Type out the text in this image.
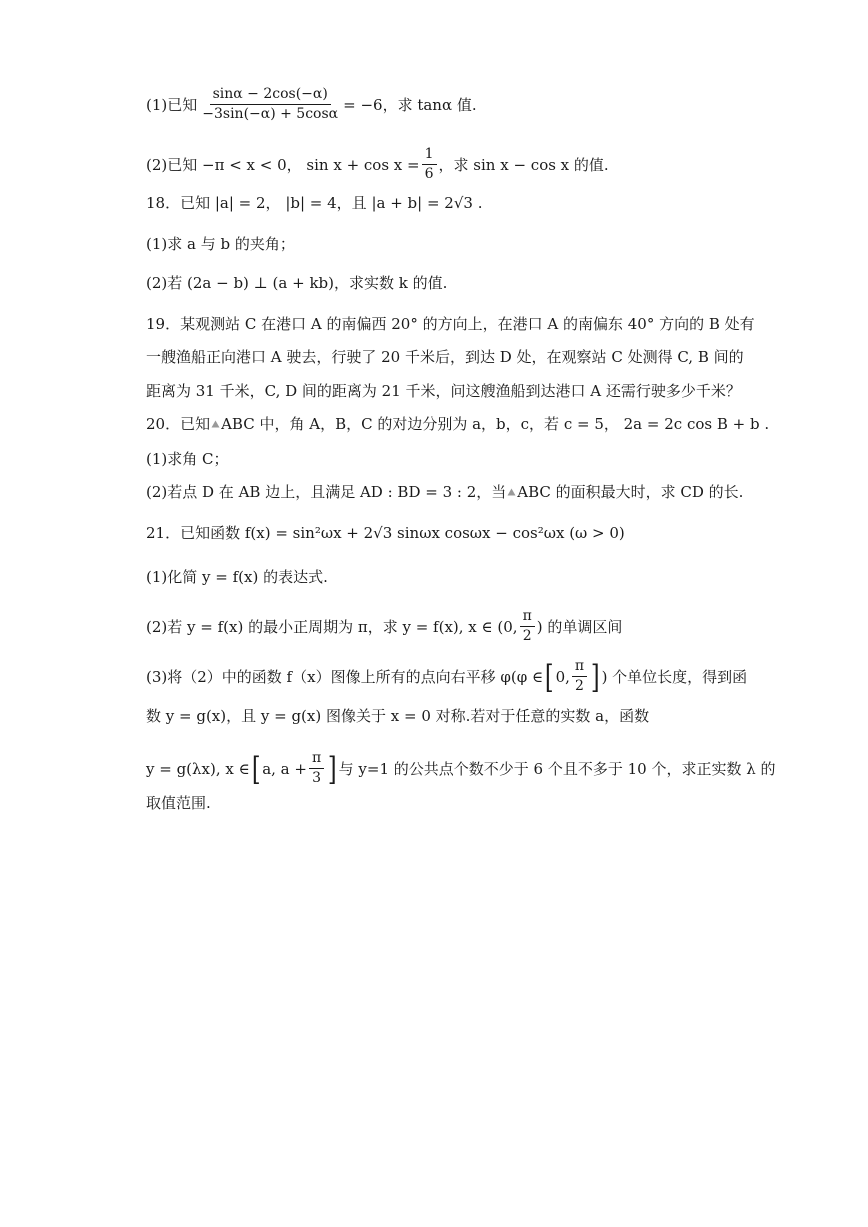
(1)已知 $\frac{\sin\alpha - 2\cos(-\alpha)}{-3\sin(-\alpha) + 5\cos\alpha} = -6$，求 tanα 值.
(2)已知 −π < x < 0， $\sin x + \cos x = \frac{1}{6}$ ，求 sin x − cos x 的值.
18．已知 |a| = 2， |b| = 4，且 |a + b| = 2√3 .
(1)求 a 与 b 的夹角；
(2)若 (2a − b) ⊥ (a + kb)，求实数 k 的值.
19．某观测站 C 在港口 A 的南偏西 20° 的方向上，在港口 A 的南偏东 40° 方向的 B 处有
一艘渔船正向港口 A 驶去，行驶了 20 千米后，到达 D 处，在观察站 C 处测得 C, B 间的
距离为 31 千米，C, D 间的距离为 21 千米，问这艘渔船到达港口 A 还需行驶多少千米？
20．已知 ABC 中，角 A，B，C 的对边分别为 a，b，c，若 c = 5， 2a = 2c cos B + b .
(1)求角 C；
(2)若点 D 在 AB 边上，且满足 AD : BD = 3 : 2，当 ABC 的面积最大时，求 CD 的长.
21．已知函数 f(x) = sin²ωx + 2√3 sinωx cosωx − cos²ωx (ω > 0)
(1)化简 y = f(x) 的表达式.
(2)若 y = f(x) 的最小正周期为 π，求 y = f(x), x ∈ (0, $\frac{\pi}{2}$ ) 的单调区间
(3)将（2）中的函数 f（x）图像上所有的点向右平移 φ(φ ∈ [ 0, $\frac{\pi}{2}$ ] ) 个单位长度，得到函
数 y = g(x)，且 y = g(x) 图像关于 x = 0 对称.若对于任意的实数 a，函数
y = g(λx), x ∈ [ a, $a + \frac{\pi}{3}$ ] 与 y=1 的公共点个数不少于 6 个且不多于 10 个，求正实数 λ 的
取值范围.
